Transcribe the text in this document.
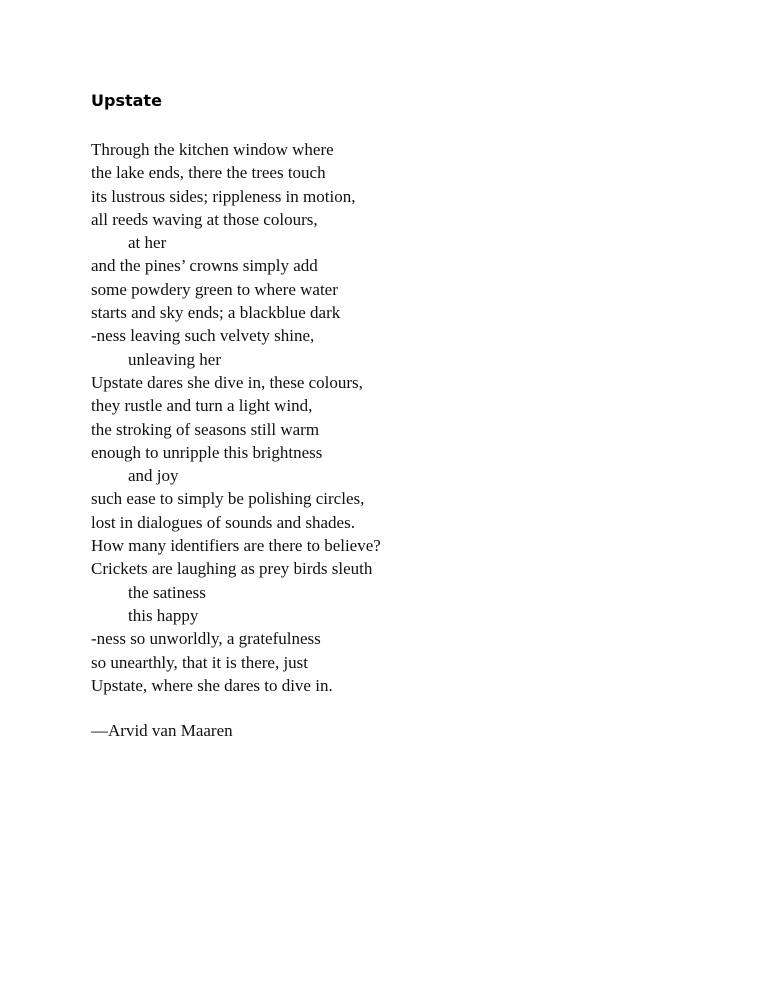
Upstate
Through the kitchen window where
the lake ends, there the trees touch
its lustrous sides; rippleness in motion,
all reeds waving at those colours,
at her
and the pines’ crowns simply add
some powdery green to where water
starts and sky ends; a blackblue dark
-ness leaving such velvety shine,
unleaving her
Upstate dares she dive in, these colours,
they rustle and turn a light wind,
the stroking of seasons still warm
enough to unripple this brightness
and joy
such ease to simply be polishing circles,
lost in dialogues of sounds and shades.
How many identifiers are there to believe?
Crickets are laughing as prey birds sleuth
the satiness
this happy
-ness so unworldly, a gratefulness
so unearthly, that it is there, just
Upstate, where she dares to dive in.

—Arvid van Maaren
